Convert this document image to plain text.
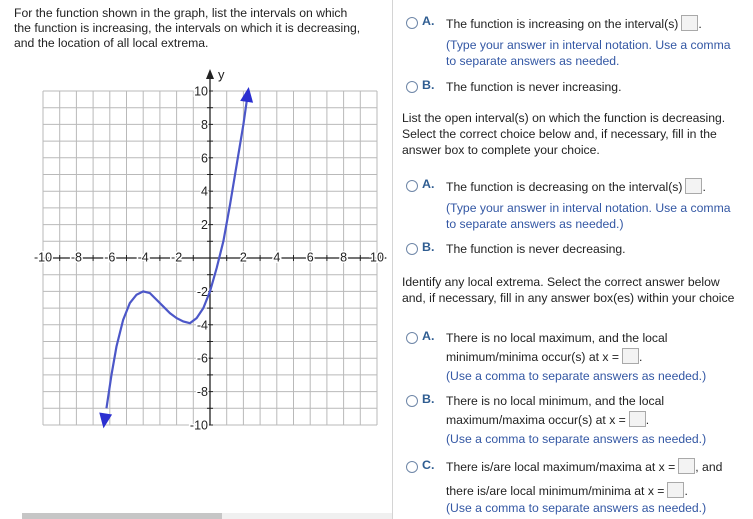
For the function shown in the graph, list the intervals on which
the function is increasing, the intervals on which it is decreasing,
and the location of all local extrema.

-10 -8 -6 -4 -2	2 4 6 8 10
10
8
6
4
2
-2
-4
-6
-8
-10
y
A. The function is increasing on the interval(s) .
(Type your answer in interval notation. Use a comma
to separate answers as needed.
B. The function is never increasing.

List the open interval(s) on which the function is decreasing.
Select the correct choice below and, if necessary, fill in the
answer box to complete your choice.

A. The function is decreasing on the interval(s) .
(Type your answer in interval notation. Use a comma
to separate answers as needed.)
B. The function is never decreasing.

Identify any local extrema. Select the correct answer below
and, if necessary, fill in any answer box(es) within your choice

A. There is no local maximum, and the local
minimum/minima occur(s) at x = .
(Use a comma to separate answers as needed.)
B. There is no local minimum, and the local
maximum/maxima occur(s) at x = .
(Use a comma to separate answers as needed.)
C. There is/are local maximum/maxima at x = , and
there is/are local minimum/minima at x = .
(Use a comma to separate answers as needed.)
